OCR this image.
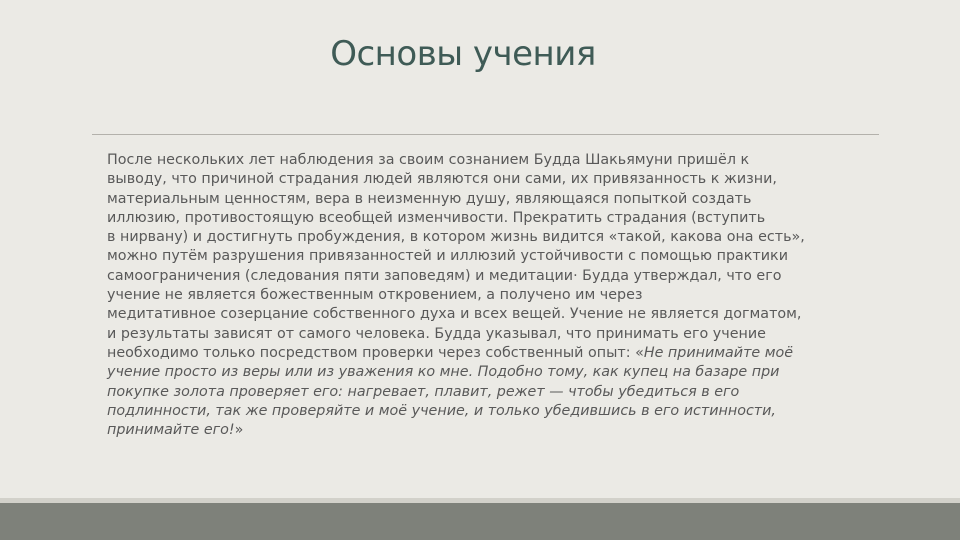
Основы учения
После нескольких лет наблюдения за своим сознанием Будда Шакьямуни пришёл к
выводу, что причиной страдания людей являются они сами, их привязанность к жизни,
материальным ценностям, вера в неизменную душу, являющаяся попыткой создать
иллюзию, противостоящую всеобщей изменчивости. Прекратить страдания (вступить
в нирвану) и достигнуть пробуждения, в котором жизнь видится «такой, какова она есть»,
можно путём разрушения привязанностей и иллюзий устойчивости с помощью практики
самоограничения (следования пяти заповедям) и медитации· Будда утверждал, что его
учение не является божественным откровением, а получено им через
медитативное созерцание собственного духа и всех вещей. Учение не является догматом,
и результаты зависят от самого человека. Будда указывал, что принимать его учение
необходимо только посредством проверки через собственный опыт: «Не принимайте моё
учение просто из веры или из уважения ко мне. Подобно тому, как купец на базаре при
покупке золота проверяет его: нагревает, плавит, режет — чтобы убедиться в его
подлинности, так же проверяйте и моё учение, и только убедившись в его истинности,
принимайте его!»
